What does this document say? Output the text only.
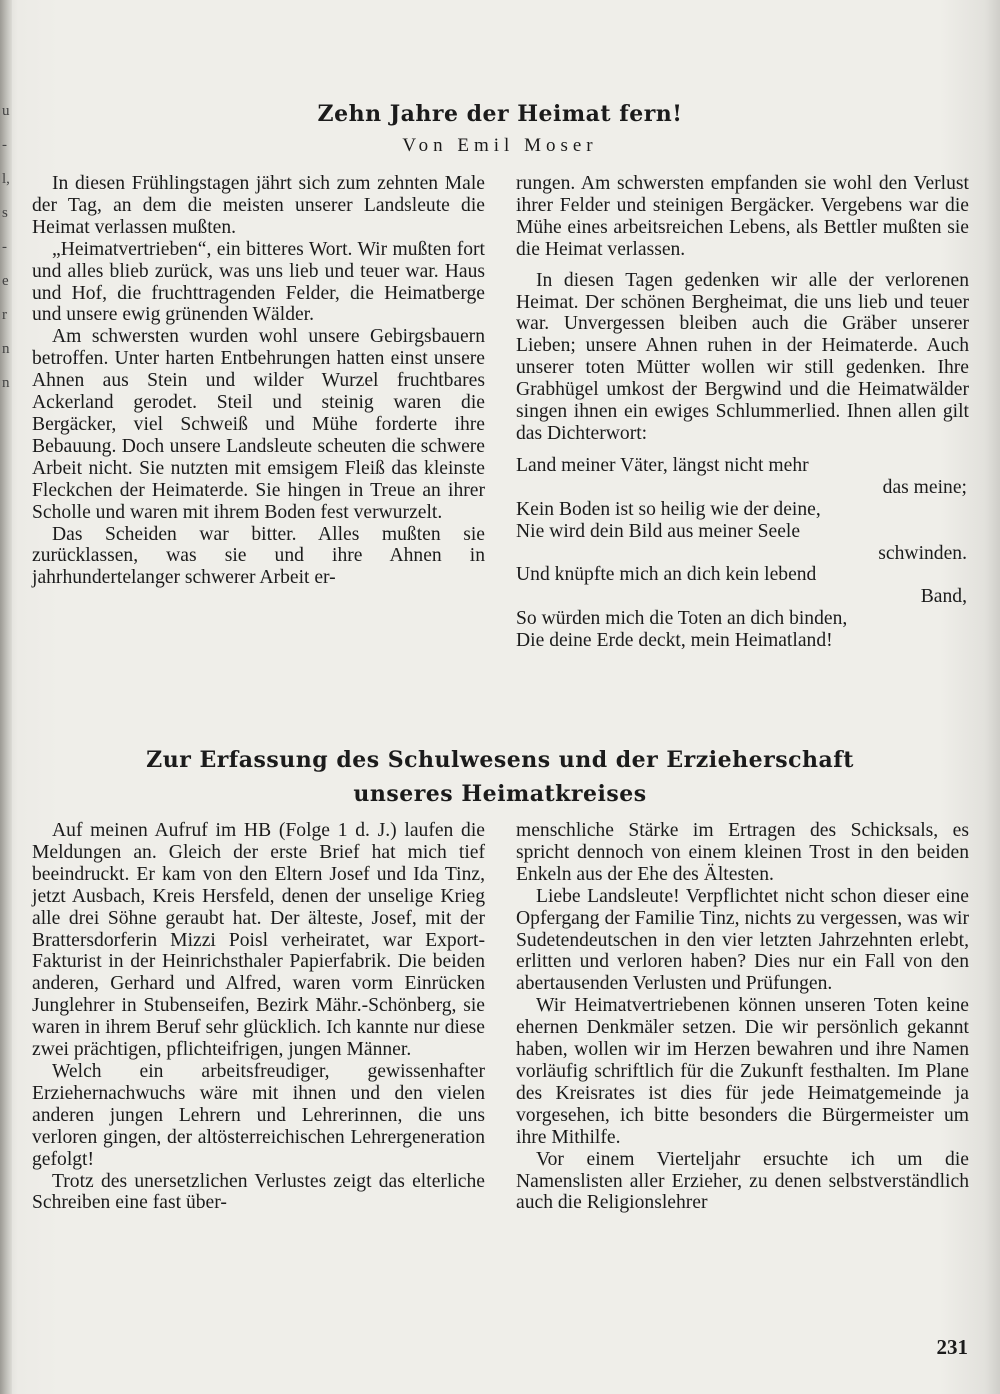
u
-
l,
s
-
e
r
n
n
Zehn Jahre der Heimat fern!
Von Emil Moser

In diesen Frühlingstagen jährt sich zum zehnten Male der Tag, an dem die meisten unserer Landsleute die Heimat verlassen mußten.

„Heimatvertrieben“, ein bitteres Wort. Wir mußten fort und alles blieb zurück, was uns lieb und teuer war. Haus und Hof, die fruchttragenden Felder, die Heimatberge und unsere ewig grünenden Wälder.

Am schwersten wurden wohl unsere Gebirgsbauern betroffen. Unter harten Entbehrungen hatten einst unsere Ahnen aus Stein und wilder Wurzel fruchtbares Ackerland gerodet. Steil und steinig waren die Bergäcker, viel Schweiß und Mühe forderte ihre Bebauung. Doch unsere Landsleute scheuten die schwere Arbeit nicht. Sie nutzten mit emsigem Fleiß das kleinste Fleckchen der Heimaterde. Sie hingen in Treue an ihrer Scholle und waren mit ihrem Boden fest verwurzelt.

Das Scheiden war bitter. Alles mußten sie zurücklassen, was sie und ihre Ahnen in jahrhundertelanger schwerer Arbeit er-

rungen. Am schwersten empfanden sie wohl den Verlust ihrer Felder und steinigen Bergäcker. Vergebens war die Mühe eines arbeitsreichen Lebens, als Bettler mußten sie die Heimat verlassen.

In diesen Tagen gedenken wir alle der verlorenen Heimat. Der schönen Bergheimat, die uns lieb und teuer war. Unvergessen bleiben auch die Gräber unserer Lieben; unsere Ahnen ruhen in der Heimaterde. Auch unserer toten Mütter wollen wir still gedenken. Ihre Grabhügel umkost der Bergwind und die Heimatwälder singen ihnen ein ewiges Schlummerlied. Ihnen allen gilt das Dichterwort:

Land meiner Väter, längst nicht mehr
das meine;
Kein Boden ist so heilig wie der deine,
Nie wird dein Bild aus meiner Seele
schwinden.
Und knüpfte mich an dich kein lebend
Band,
So würden mich die Toten an dich binden,
Die deine Erde deckt, mein Heimatland!
Zur Erfassung des Schulwesens und der Erzieherschaft
unseres Heimatkreises

Auf meinen Aufruf im HB (Folge 1 d. J.) laufen die Meldungen an. Gleich der erste Brief hat mich tief beeindruckt. Er kam von den Eltern Josef und Ida Tinz, jetzt Ausbach, Kreis Hersfeld, denen der unselige Krieg alle drei Söhne geraubt hat. Der älteste, Josef, mit der Brattersdorferin Mizzi Poisl verheiratet, war Export-Fakturist in der Heinrichsthaler Papierfabrik. Die beiden anderen, Gerhard und Alfred, waren vorm Einrücken Junglehrer in Stubenseifen, Bezirk Mähr.-Schönberg, sie waren in ihrem Beruf sehr glücklich. Ich kannte nur diese zwei prächtigen, pflichteifrigen, jungen Männer.

Welch ein arbeitsfreudiger, gewissenhafter Erziehernachwuchs wäre mit ihnen und den vielen anderen jungen Lehrern und Lehrerinnen, die uns verloren gingen, der altösterreichischen Lehrergeneration gefolgt!

Trotz des unersetzlichen Verlustes zeigt das elterliche Schreiben eine fast über-

menschliche Stärke im Ertragen des Schicksals, es spricht dennoch von einem kleinen Trost in den beiden Enkeln aus der Ehe des Ältesten.

Liebe Landsleute! Verpflichtet nicht schon dieser eine Opfergang der Familie Tinz, nichts zu vergessen, was wir Sudetendeutschen in den vier letzten Jahrzehnten erlebt, erlitten und verloren haben? Dies nur ein Fall von den abertausenden Verlusten und Prüfungen.

Wir Heimatvertriebenen können unseren Toten keine ehernen Denkmäler setzen. Die wir persönlich gekannt haben, wollen wir im Herzen bewahren und ihre Namen vorläufig schriftlich für die Zukunft festhalten. Im Plane des Kreisrates ist dies für jede Heimatgemeinde ja vorgesehen, ich bitte besonders die Bürgermeister um ihre Mithilfe.

Vor einem Vierteljahr ersuchte ich um die Namenslisten aller Erzieher, zu denen selbstverständlich auch die Religionslehrer

231
